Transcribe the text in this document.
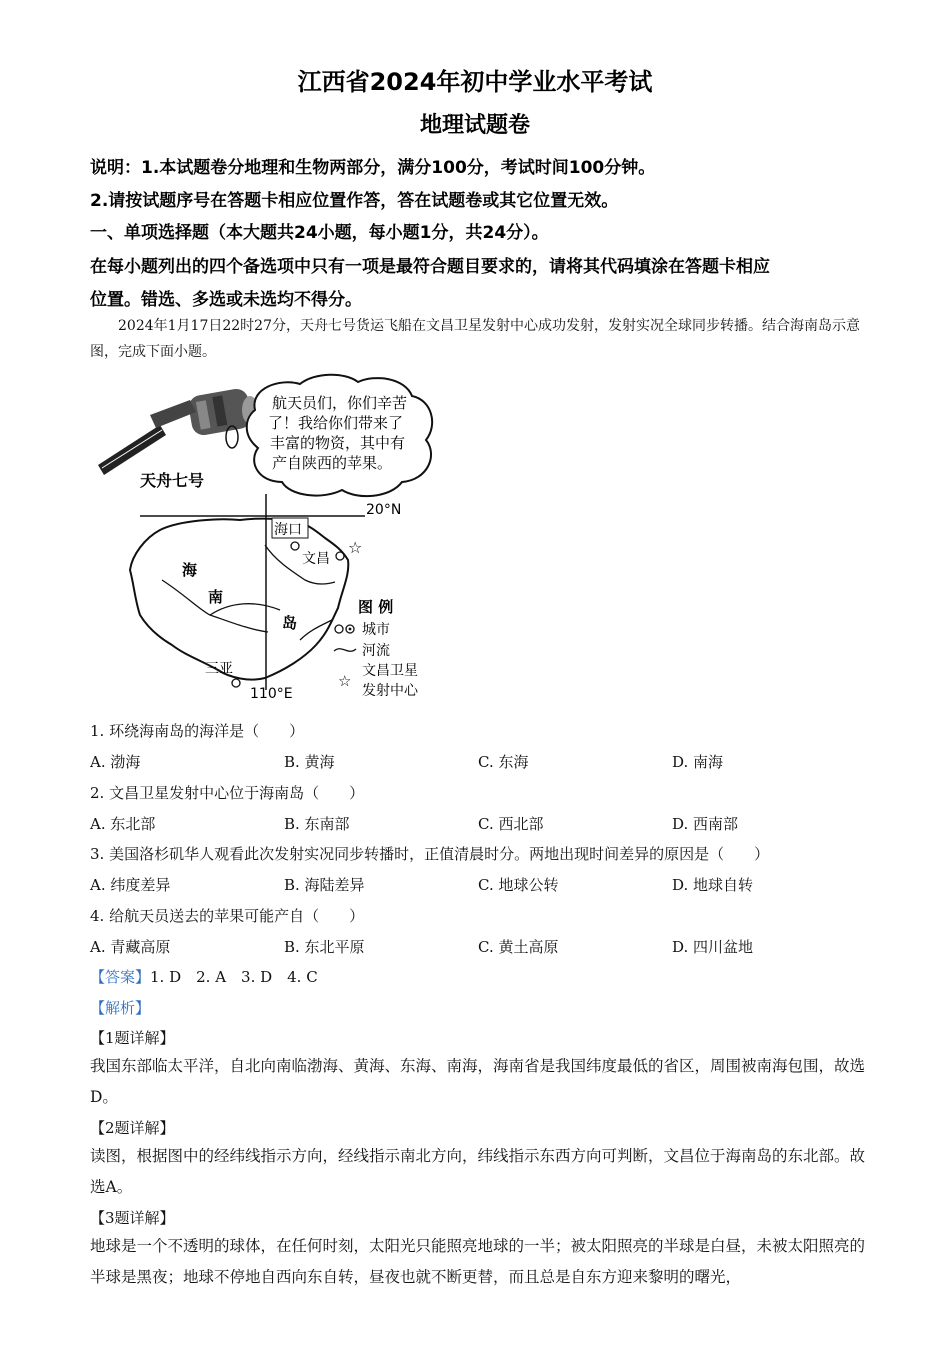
江西省2024年初中学业水平考试
地理试题卷
说明：1.本试题卷分地理和生物两部分，满分100分，考试时间100分钟。
2.请按试题序号在答题卡相应位置作答，答在试题卷或其它位置无效。
一、单项选择题（本大题共24小题，每小题1分，共24分）。
在每小题列出的四个备选项中只有一项是最符合题目要求的，请将其代码填涂在答题卡相应
位置。错选、多选或未选均不得分。
2024年1月17日22时27分，天舟七号货运飞船在文昌卫星发射中心成功发射，发射实况全球同步转播。结合海南岛示意图，完成下面小题。
航天员们，你们辛苦
了！我给你们带来了
丰富的物资，其中有
产自陕西的苹果。
天舟七号
20°N
110°E
海
南
岛
海口
文昌
☆
三亚
图 例
城市
河流
文昌卫星
☆
发射中心
1. 环绕海南岛的海洋是（　　）
A. 渤海	B. 黄海	C. 东海	D. 南海
2. 文昌卫星发射中心位于海南岛（　　）
A. 东北部	B. 东南部	C. 西北部	D. 西南部
3. 美国洛杉矶华人观看此次发射实况同步转播时，正值清晨时分。两地出现时间差异的原因是（　　）
A. 纬度差异	B. 海陆差异	C. 地球公转	D. 地球自转
4. 给航天员送去的苹果可能产自（　　）
A. 青藏高原	B. 东北平原	C. 黄土高原	D. 四川盆地
【答案】1. D　2. A　3. D　4. C
【解析】
【1题详解】
我国东部临太平洋，自北向南临渤海、黄海、东海、南海，海南省是我国纬度最低的省区，周围被南海包围，故选D。
【2题详解】
读图，根据图中的经纬线指示方向，经线指示南北方向，纬线指示东西方向可判断，文昌位于海南岛的东北部。故选A。
【3题详解】
地球是一个不透明的球体，在任何时刻，太阳光只能照亮地球的一半；被太阳照亮的半球是白昼，未被太阳照亮的半球是黑夜；地球不停地自西向东自转，昼夜也就不断更替，而且总是自东方迎来黎明的曙光，
